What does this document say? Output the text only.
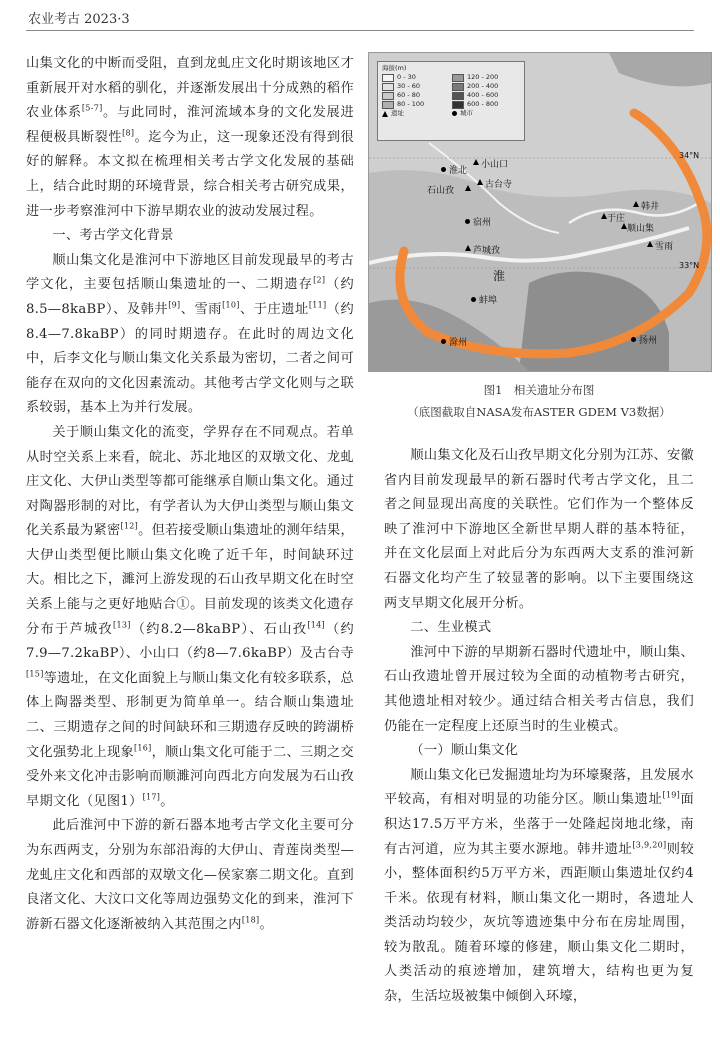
农业考古 2023·3

山集文化的中断而受阻，直到龙虬庄文化时期该地区才重新展开对水稻的驯化，并逐渐发展出十分成熟的稻作农业体系[5-7]。与此同时，淮河流域本身的文化发展进程便极具断裂性[8]。迄今为止，这一现象还没有得到很好的解释。本文拟在梳理相关考古学文化发展的基础上，结合此时期的环境背景，综合相关考古研究成果，进一步考察淮河中下游早期农业的波动发展过程。

一、考古学文化背景

顺山集文化是淮河中下游地区目前发现最早的考古学文化，主要包括顺山集遗址的一、二期遗存[2]（约8.5—8kaBP）、及韩井[9]、雪雨[10]、于庄遗址[11]（约8.4—7.8kaBP）的同时期遗存。在此时的周边文化中，后李文化与顺山集文化关系最为密切，二者之间可能存在双向的文化因素流动。其他考古学文化则与之联系较弱，基本上为并行发展。

关于顺山集文化的流变，学界存在不同观点。若单从时空关系上来看，皖北、苏北地区的双墩文化、龙虬庄文化、大伊山类型等都可能继承自顺山集文化。通过对陶器形制的对比，有学者认为大伊山类型与顺山集文化关系最为紧密[12]。但若接受顺山集遗址的测年结果，大伊山类型便比顺山集文化晚了近千年，时间缺环过大。相比之下，濉河上游发现的石山孜早期文化在时空关系上能与之更好地贴合①。目前发现的该类文化遗存分布于芦城孜[13]（约8.2—8kaBP）、石山孜[14]（约7.9—7.2kaBP）、小山口（约8—7.6kaBP）及古台寺[15]等遗址，在文化面貌上与顺山集文化有较多联系，总体上陶器类型、形制更为简单单一。结合顺山集遗址二、三期遗存之间的时间缺环和三期遗存反映的跨湖桥文化强势北上现象[16]，顺山集文化可能于二、三期之交受外来文化冲击影响而顺濉河向西北方向发展为石山孜早期文化（见图1）[17]。

此后淮河中下游的新石器本地考古学文化主要可分为东西两支，分别为东部沿海的大伊山、青莲岗类型—龙虬庄文化和西部的双墩文化—侯家寨二期文化。直到良渚文化、大汶口文化等周边强势文化的到来，淮河下游新石器文化逐渐被纳入其范围之内[18]。

海拔(m)
0 - 30	120 - 200
30 - 60	200 - 400
60 - 80	400 - 600
80 - 100	600 - 800
遗址	城市
淮北
小山口
石山孜
古台寺
宿州
芦城孜
于庄
韩井
顺山集
雪雨
蚌埠
滁州	扬州
淮
34°N
33°N
图1　相关遗址分布图
（底图截取自NASA发布ASTER GDEM V3数据）

顺山集文化及石山孜早期文化分别为江苏、安徽省内目前发现最早的新石器时代考古学文化，且二者之间显现出高度的关联性。它们作为一个整体反映了淮河中下游地区全新世早期人群的基本特征，并在文化层面上对此后分为东西两大支系的淮河新石器文化均产生了较显著的影响。以下主要围绕这两支早期文化展开分析。

二、生业模式

淮河中下游的早期新石器时代遗址中，顺山集、石山孜遗址曾开展过较为全面的动植物考古研究，其他遗址相对较少。通过结合相关考古信息，我们仍能在一定程度上还原当时的生业模式。

（一）顺山集文化

顺山集文化已发掘遗址均为环壕聚落，且发展水平较高，有相对明显的功能分区。顺山集遗址[19]面积达17.5万平方米，坐落于一处隆起岗地北缘，南有古河道，应为其主要水源地。韩井遗址[3,9,20]则较小，整体面积约5万平方米，西距顺山集遗址仅约4千米。依现有材料，顺山集文化一期时，各遗址人类活动均较少，灰坑等遗迹集中分布在房址周围，较为散乱。随着环壕的修建，顺山集文化二期时，人类活动的痕迹增加，建筑增大，结构也更为复杂，生活垃圾被集中倾倒入环壕，
